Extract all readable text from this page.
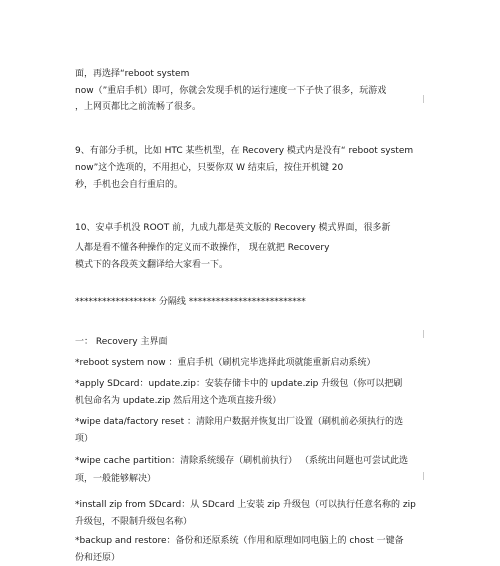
面，再选择“reboot system
now（”重启手机）即可，你就会发现手机的运行速度一下子快了很多，玩游戏
，上网页都比之前流畅了很多。
9、有部分手机，比如 HTC 某些机型，在 Recovery 模式内是没有“ reboot system
now”这个选项的，不用担心，只要你双 W 结束后，按住开机键 20
秒，手机也会自行重启的。
10、安卓手机没 ROOT 前，九成九都是英文版的 Recovery 模式界面，很多新
人都是看不懂各种操作的定义而不敢操作， 现在就把 Recovery
模式下的各段英文翻译给大家看一下。
****************** 分隔线 **************************
一： Recovery 主界面
*reboot system now ：重启手机（刷机完毕选择此项就能重新启动系统）
*apply SDcard：update.zip：安装存储卡中的 update.zip 升级包（你可以把刷
机包命名为 update.zip 然后用这个选项直接升级）
*wipe data/factory reset ：清除用户数据并恢复出厂设置（刷机前必须执行的选
项）
*wipe cache partition：清除系统缓存（刷机前执行） （系统出问题也可尝试此选
项，一般能够解决）
*install zip from SDcard：从 SDcard 上安装 zip 升级包（可以执行任意名称的 zip
升级包，不限制升级包名称）
*backup and restore：备份和还原系统（作用和原理如同电脑上的 chost 一键备
份和还原）
